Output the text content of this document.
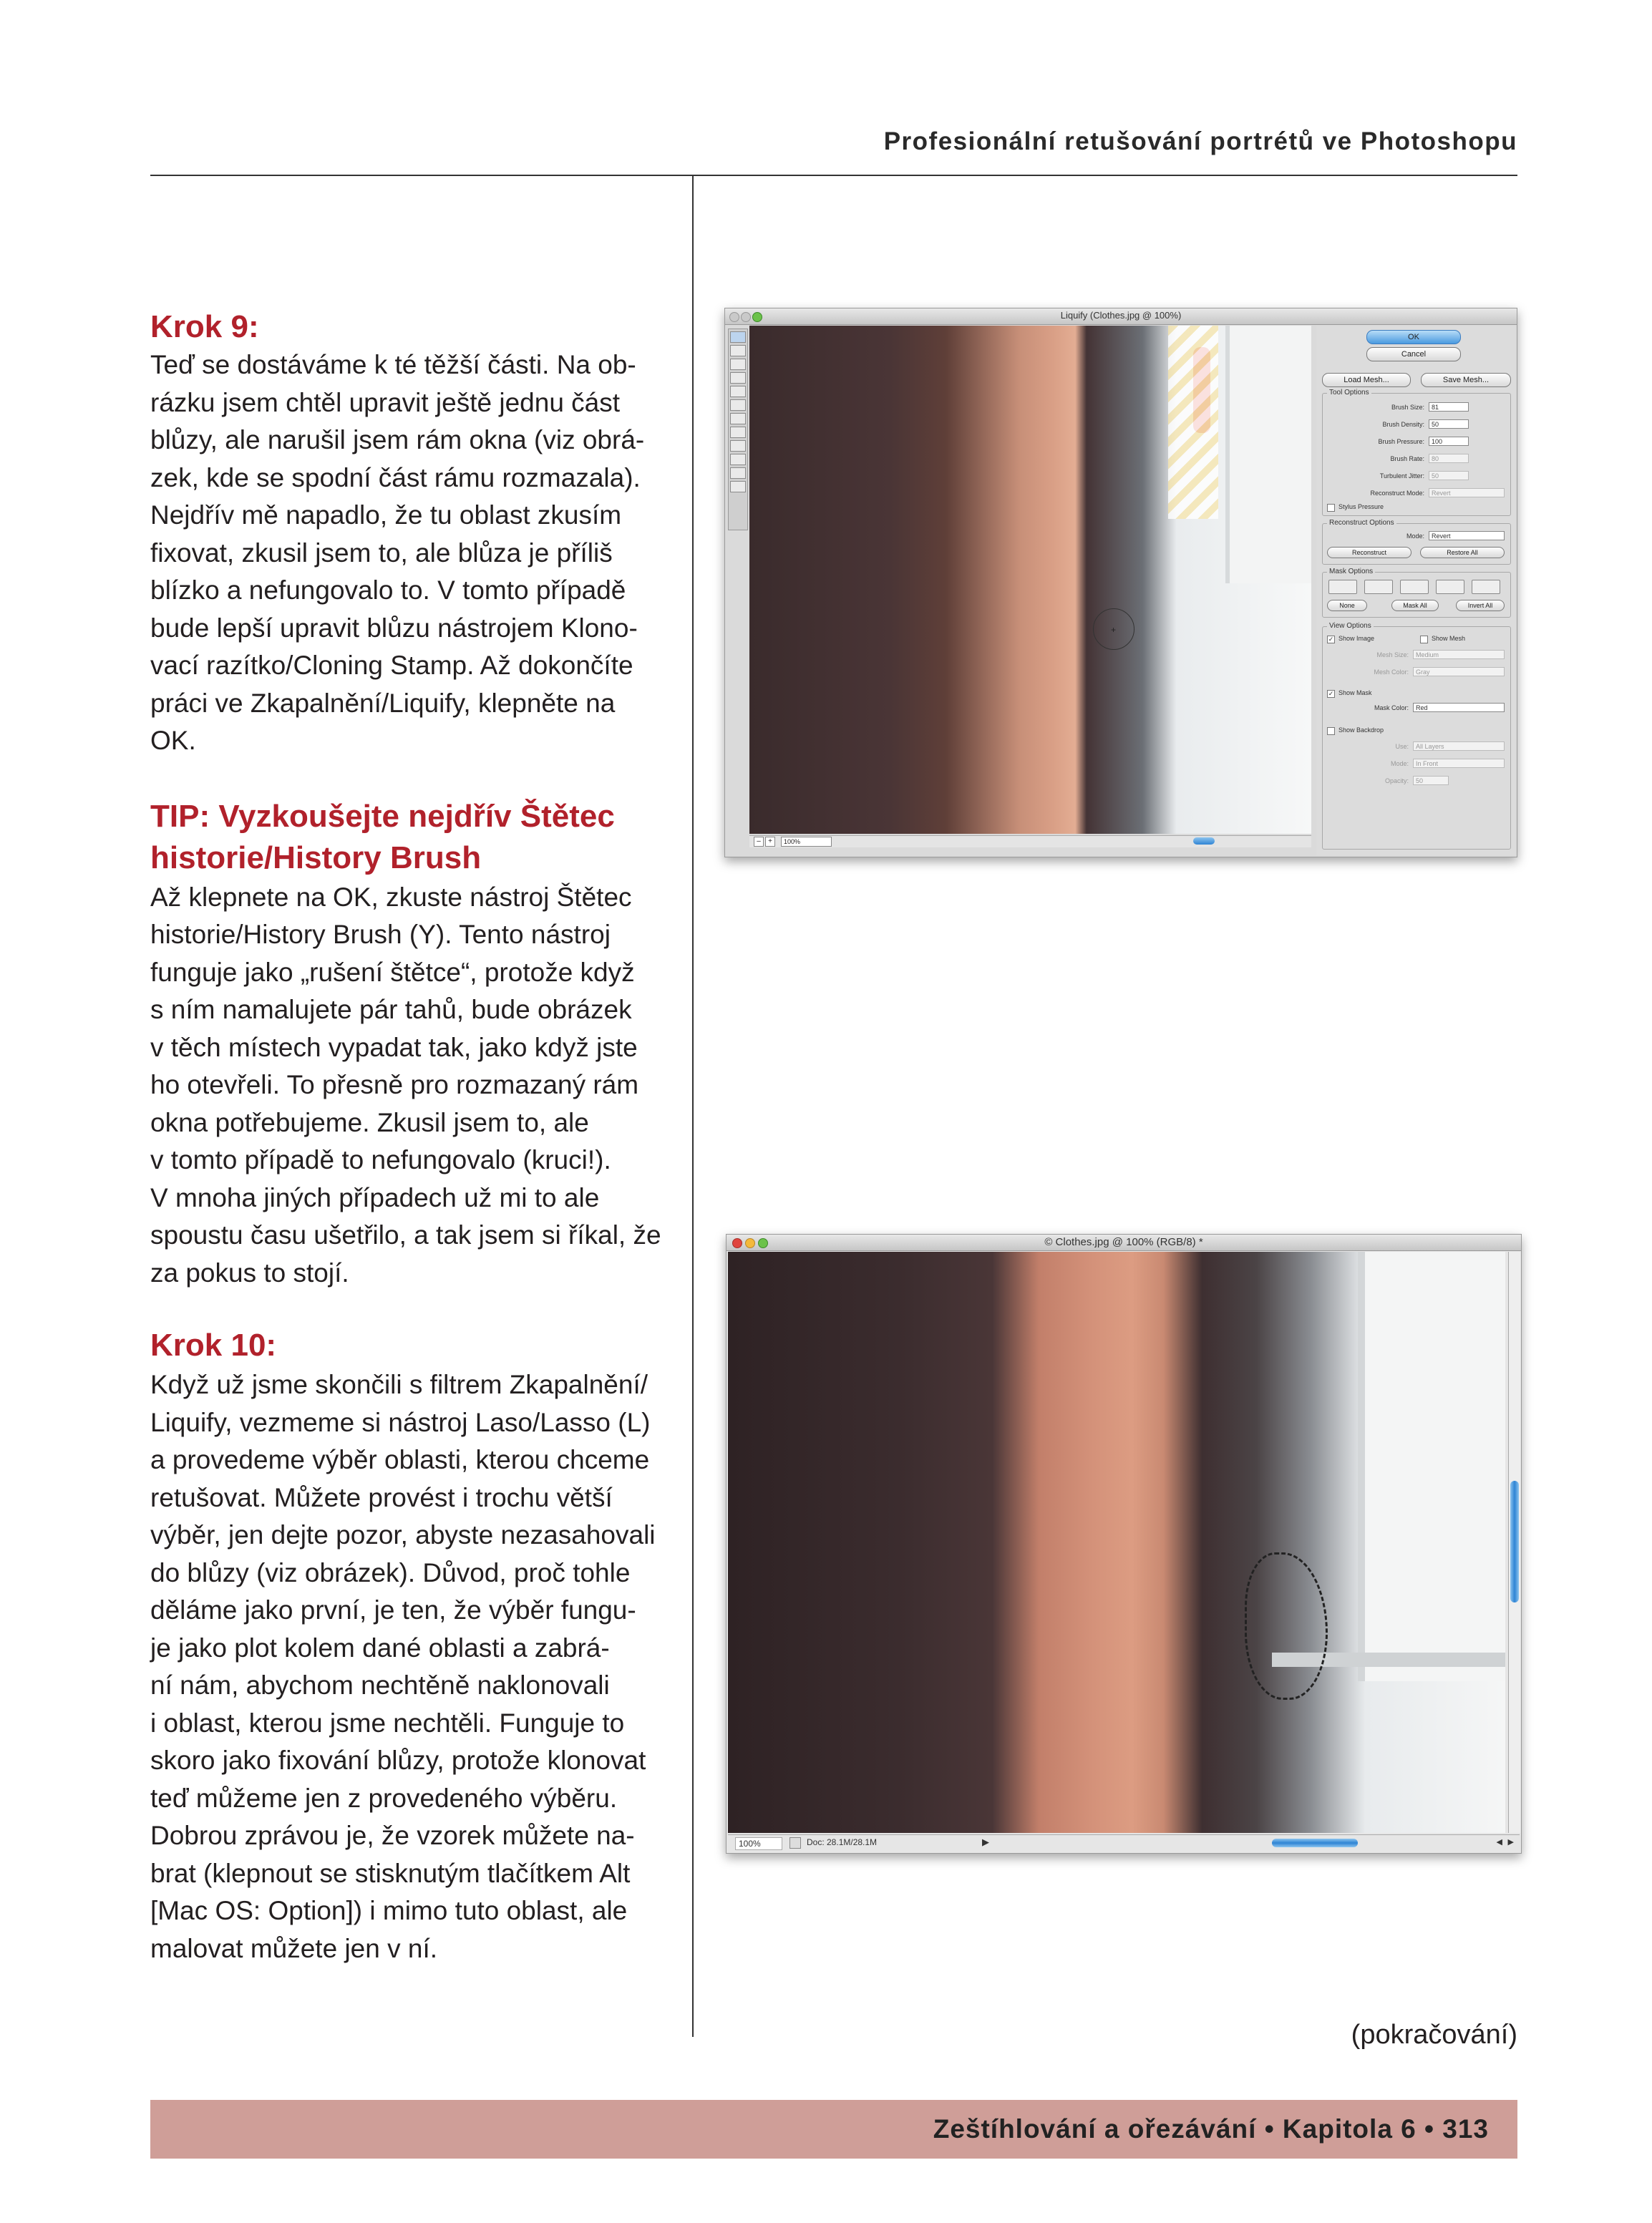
Profesionální retušování portrétů ve Photoshopu
Krok 9:
Teď se dostáváme k té těžší části. Na ob-
rázku jsem chtěl upravit ještě jednu část
blůzy, ale narušil jsem rám okna (viz obrá-
zek, kde se spodní část rámu rozmazala).
Nejdřív mě napadlo, že tu oblast zkusím
fixovat, zkusil jsem to, ale blůza je příliš
blízko a nefungovalo to. V tomto případě
bude lepší upravit blůzu nástrojem Klono-
vací razítko/Cloning Stamp. Až dokončíte
práci ve Zkapalnění/Liquify, klepněte na
OK.
TIP: Vyzkoušejte nejdřív Štětec
historie/History Brush
Až klepnete na OK, zkuste nástroj Štětec
historie/History Brush (Y). Tento nástroj
funguje jako „rušení štětce“, protože když
s ním namalujete pár tahů, bude obrázek
v těch místech vypadat tak, jako když jste
ho otevřeli. To přesně pro rozmazaný rám
okna potřebujeme. Zkusil jsem to, ale
v tomto případě to nefungovalo (kruci!).
V mnoha jiných případech už mi to ale
spoustu času ušetřilo, a tak jsem si říkal, že
za pokus to stojí.
Krok 10:
Když už jsme skončili s filtrem Zkapalnění/
Liquify, vezmeme si nástroj Laso/Lasso (L)
a provedeme výběr oblasti, kterou chceme
retušovat. Můžete provést i trochu větší
výběr, jen dejte pozor, abyste nezasahovali
do blůzy (viz obrázek). Důvod, proč tohle
děláme jako první, je ten, že výběr fungu-
je jako plot kolem dané oblasti a zabrá-
ní nám, abychom nechtěně naklonovali
i oblast, kterou jsme nechtěli. Funguje to
skoro jako fixování blůzy, protože klonovat
teď můžeme jen z provedeného výběru.
Dobrou zprávou je, že vzorek můžete na-
brat (klepnout se stisknutým tlačítkem Alt
[Mac OS: Option]) i mimo tuto oblast, ale
malovat můžete jen v ní.
Liquify (Clothes.jpg @ 100%)
+
–	+	100%
OK
Cancel
Load Mesh...	Save Mesh...
Tool Options
Brush Size:	81
Brush Density:	50
Brush Pressure:	100
Brush Rate:	80
Turbulent Jitter:	50
Reconstruct Mode:	Revert
Stylus Pressure
Reconstruct Options
Mode:	Revert
Reconstruct	Restore All
Mask Options
None	Mask All	Invert All
View Options
✓ Show Image	Show Mesh
Mesh Size:	Medium
Mesh Color:	Gray
✓ Show Mask
Mask Color:	Red
Show Backdrop
Use:	All Layers
Mode:	In Front
Opacity:	50
© Clothes.jpg @ 100% (RGB/8) *
100%	Doc: 28.1M/28.1M	▶	◀ ▶
(pokračování)
Zeštíhlování a ořezávání • Kapitola 6 • 313
